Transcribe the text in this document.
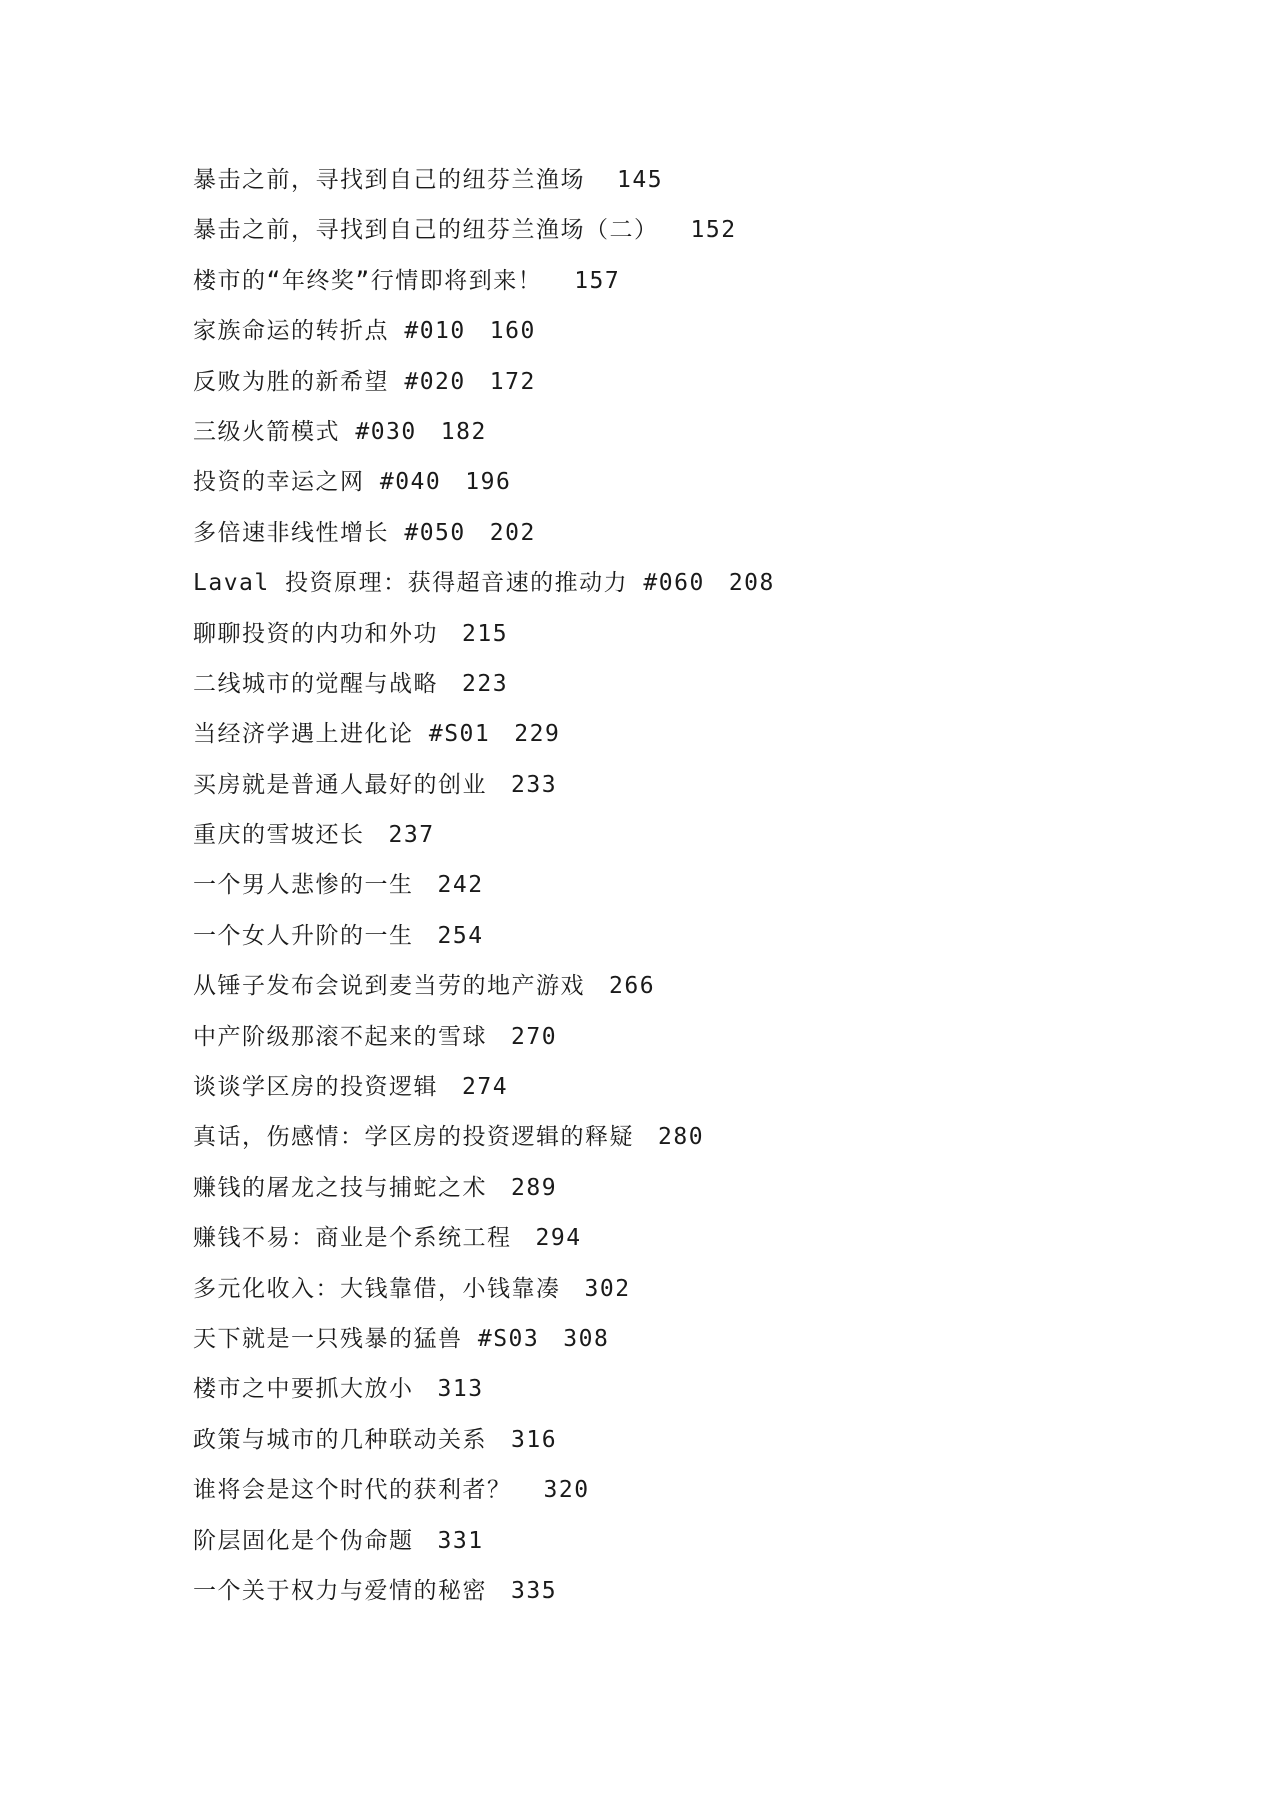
暴击之前，寻找到自己的纽芬兰渔场 145
暴击之前，寻找到自己的纽芬兰渔场（二） 152
楼市的“年终奖”行情即将到来！ 157
家族命运的转折点 #010 160
反败为胜的新希望 #020 172
三级火箭模式 #030 182
投资的幸运之网 #040 196
多倍速非线性增长 #050 202
Laval 投资原理：获得超音速的推动力 #060 208
聊聊投资的内功和外功 215
二线城市的觉醒与战略 223
当经济学遇上进化论 #S01 229
买房就是普通人最好的创业 233
重庆的雪坡还长 237
一个男人悲惨的一生 242
一个女人升阶的一生 254
从锤子发布会说到麦当劳的地产游戏 266
中产阶级那滚不起来的雪球 270
谈谈学区房的投资逻辑 274
真话，伤感情：学区房的投资逻辑的释疑 280
赚钱的屠龙之技与捕蛇之术 289
赚钱不易：商业是个系统工程 294
多元化收入：大钱靠借，小钱靠凑 302
天下就是一只残暴的猛兽 #S03 308
楼市之中要抓大放小 313
政策与城市的几种联动关系 316
谁将会是这个时代的获利者？ 320
阶层固化是个伪命题 331
一个关于权力与爱情的秘密 335
